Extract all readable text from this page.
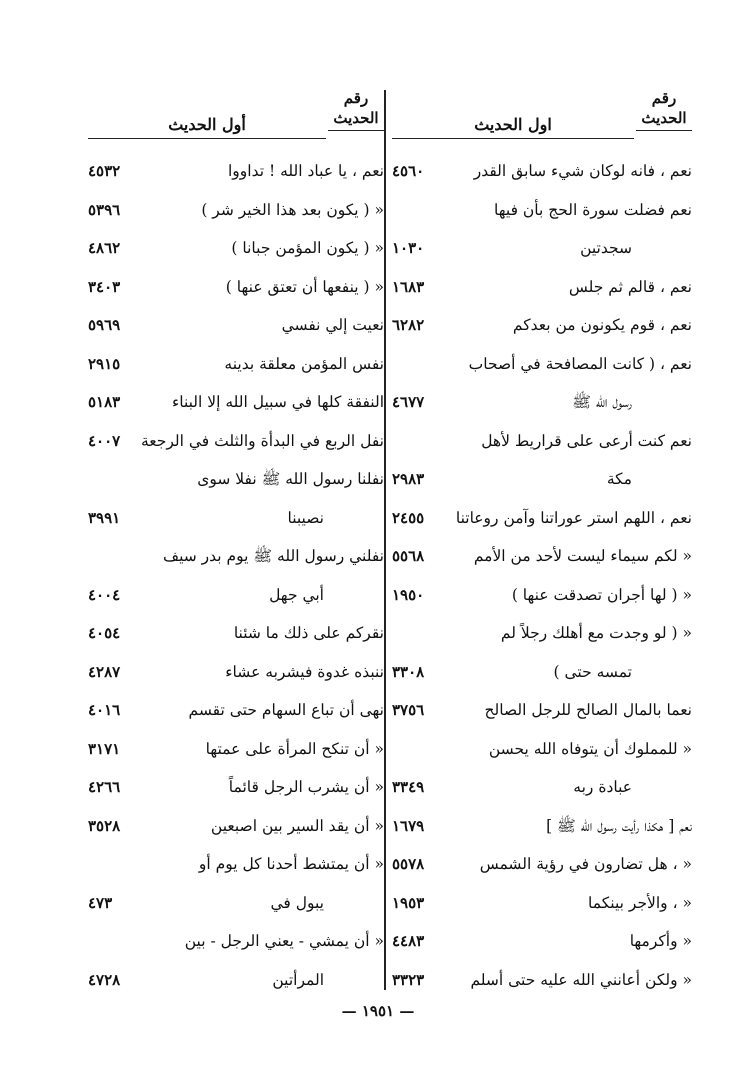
رقم
الحديث
اول الحديث
نعم ، فانه لوكان شيء سابق القدر
٤٥٦٠
نعم فضلت سورة الحج بأن فيها
سجدتين
١٠٣٠
نعم ، قالم ثم جلس
١٦٨٣
نعم ، قوم يكونون من بعدكم
٦٢٨٢
نعم ، ( كانت المصافحة في أصحاب
رسول الله ﷺ
٤٦٧٧
نعم كنت أرعى على قراريط لأهل
مكة
٢٩٨٣
نعم ، اللهم استر عوراتنا وآمن روعاتنا
٢٤٥٥
« لكم سيماء ليست لأحد من الأمم
٥٥٦٨
« ( لها أجران تصدقت عنها )
١٩٥٠
« ( لو وجدت مع أهلك رجلاً لم
تمسه حتى )
٣٣٠٨
نعما بالمال الصالح للرجل الصالح
٣٧٥٦
« للمملوك أن يتوفاه الله يحسن
عبادة ربه
٣٣٤٩
نعم [ هكذا رأيت رسول الله ﷺ ]
١٦٧٩
« ، هل تضارون في رؤية الشمس
٥٥٧٨
« ، والأجر بينكما
١٩٥٣
« وأكرمها
٤٤٨٣
« ولكن أعانني الله عليه حتى أسلم
٣٣٢٣
رقم
الحديث
أول الحديث
نعم ، يا عباد الله ! تداووا
٤٥٣٢
« ( يكون بعد هذا الخير شر )
٥٣٩٦
« ( يكون المؤمن جبانا )
٤٨٦٢
« ( ينفعها أن تعتق عنها )
٣٤٠٣
نعيت إلي نفسي
٥٩٦٩
نفس المؤمن معلقة بدينه
٢٩١٥
النفقة كلها في سبيل الله إلا البناء
٥١٨٣
نفل الربع في البدأة والثلث في الرجعة
٤٠٠٧
نفلنا رسول الله ﷺ نفلا سوى
نصيبنا
٣٩٩١
نفلني رسول الله ﷺ يوم بدر سيف
أبي جهل
٤٠٠٤
نقركم على ذلك ما شئنا
٤٠٥٤
ننبذه غدوة فيشربه عشاء
٤٢٨٧
نهى أن تباع السهام حتى تقسم
٤٠١٦
« أن تنكح المرأة على عمتها
٣١٧١
« أن يشرب الرجل قائماً
٤٢٦٦
« أن يقد السير بين اصبعين
٣٥٢٨
« أن يمتشط أحدنا كل يوم أو
يبول في
٤٧٣
« أن يمشي - يعني الرجل - بين
المرأتين
٤٧٢٨
— ١٩٥١ —
